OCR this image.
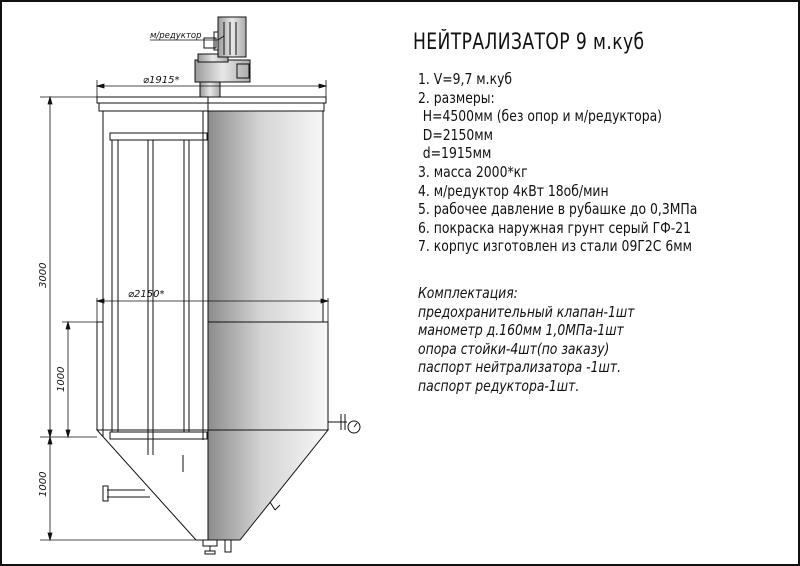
⌀1915*
⌀2150*
3000
1000
1000
м/редуктор	НЕЙТРАЛИЗАТОР 9 м.куб
1. V=9,7 м.куб
2. размеры:
H=4500мм (без опор и м/редуктора)
D=2150мм
d=1915мм
3. масса 2000*кг
4. м/редуктор 4кВт 18об/мин
5. рабочее давление в рубашке до 0,3МПа
6. покраска наружная грунт серый ГФ-21
7. корпус изготовлен из стали 09Г2С 6мм
Комплектация:
предохранительный клапан-1шт
манометр д.160мм 1,0МПа-1шт
опора стойки-4шт(по заказу)
паспорт нейтрализатора -1шт.
паспорт редуктора-1шт.
